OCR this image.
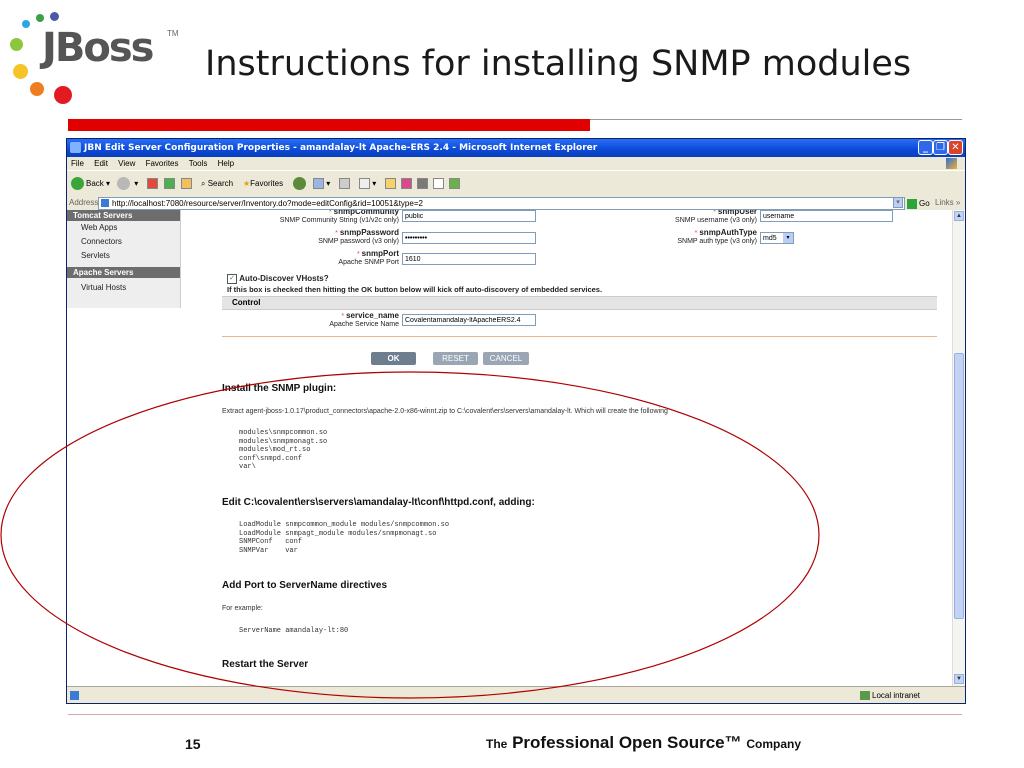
JBoss TM
Instructions for installing SNMP modules
JBN Edit Server Configuration Properties - amandalay-lt Apache-ERS 2.4 - Microsoft Internet Explorer	_ ❐ ✕
File Edit View Favorites Tools Help
Back ▾	▾	⌕ Search ★Favorites	▾	▾
Address	http://localhost:7080/resource/server/Inventory.do?mode=editConfig&rid=10051&type=2	▾	Go Links »
Tomcat Servers
Web Apps
Connectors
Servlets
Apache Servers
Virtual Hosts
* snmpCommunity
SNMP Community String (v1/v2c only)
public
* snmpPassword
SNMP password (v3 only)
•••••••••
* snmpPort
Apache SNMP Port
1610
* snmpUser
SNMP username (v3 only)
username
* snmpAuthType
SNMP auth type (v3 only) md5	▾
✓ Auto-Discover VHosts?
If this box is checked then hitting the OK button below will kick off auto-discovery of embedded services.
Control
* service_name
Apache Service Name
Covalentamandalay-ltApacheERS2.4
OK	RESET	CANCEL
Install the SNMP plugin:
Extract agent-jboss-1.0.17\product_connectors\apache-2.0-x86-winnt.zip to C:\covalent\ers\servers\amandalay-lt. Which will create the following
modules\snmpcommon.so
modules\snmpmonagt.so
modules\mod_rt.so
conf\snmpd.conf
var\
Edit C:\covalent\ers\servers\amandalay-lt\conf\httpd.conf, adding:
LoadModule snmpcommon_module modules/snmpcommon.so
LoadModule snmpagt_module modules/snmpmonagt.so
SNMPConf   conf
SNMPVar    var
Add Port to ServerName directives
For example:
ServerName amandalay-lt:80
Restart the Server
▲
▼
Local intranet
15	The Professional Open Source™ Company
